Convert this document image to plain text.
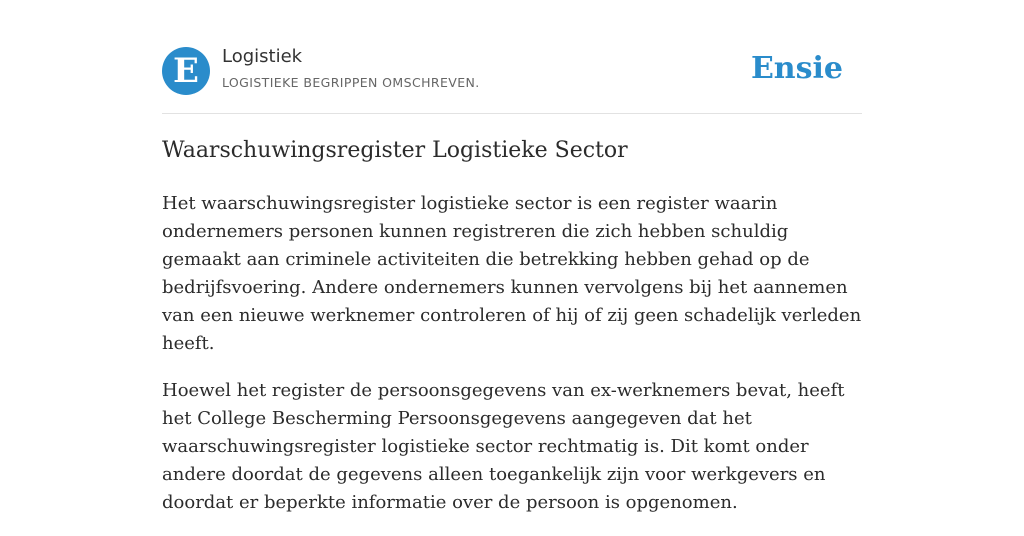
E	Logistiek
LOGISTIEKE BEGRIPPEN OMSCHREVEN.	Ensie
Waarschuwingsregister Logistieke Sector

Het waarschuwingsregister logistieke sector is een register waarin ondernemers personen kunnen registreren die zich hebben schuldig gemaakt aan criminele activiteiten die betrekking hebben gehad op de bedrijfsvoering. Andere ondernemers kunnen vervolgens bij het aannemen van een nieuwe werknemer controleren of hij of zij geen schadelijk verleden heeft.

Hoewel het register de persoonsgegevens van ex-werknemers bevat, heeft het College Bescherming Persoonsgegevens aangegeven dat het waarschuwingsregister logistieke sector rechtmatig is. Dit komt onder andere doordat de gegevens alleen toegankelijk zijn voor werkgevers en doordat er beperkte informatie over de persoon is opgenomen.
